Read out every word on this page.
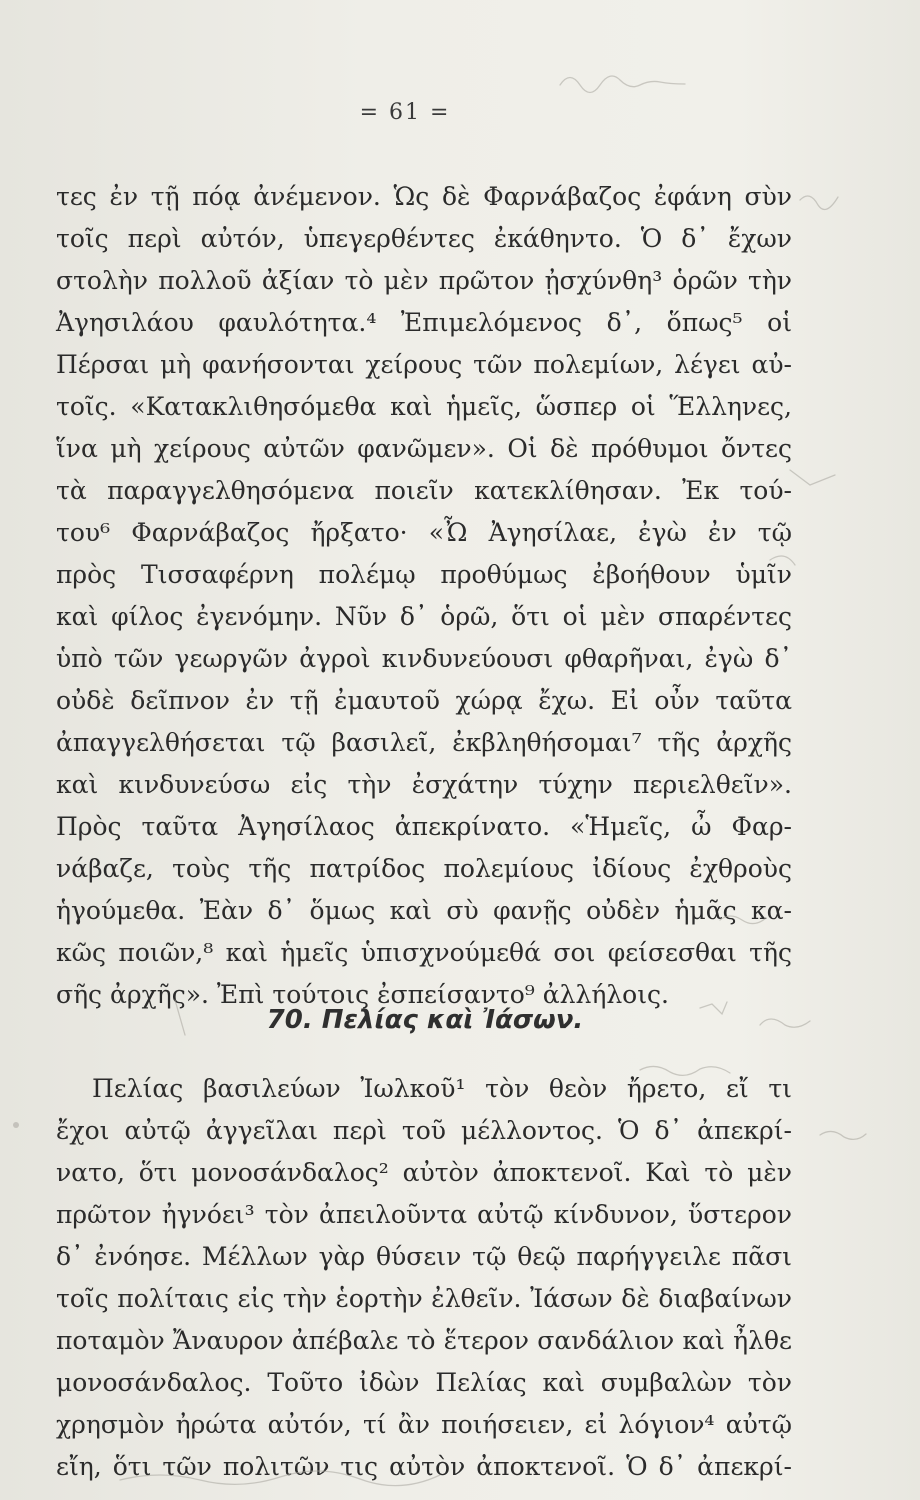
= 61 =
τες ἐν τῇ πόᾳ ἀνέμενον. Ὡς δὲ Φαρνάβαζος ἐφάνη σὺν
τοῖς περὶ αὐτόν, ὑπεγερθέντες ἐκάθηντο. Ὁ δ᾽ ἔχων
στολὴν πολλοῦ ἀξίαν τὸ μὲν πρῶτον ᾐσχύνθη³ ὁρῶν τὴν
Ἀγησιλάου φαυλότητα.⁴ Ἐπιμελόμενος δ᾽, ὅπως⁵ οἱ
Πέρσαι μὴ φανήσονται χείρους τῶν πολεμίων, λέγει αὐ-
τοῖς. «Κατακλιθησόμεθα καὶ ἡμεῖς, ὥσπερ οἱ Ἕλληνες,
ἵνα μὴ χείρους αὐτῶν φανῶμεν». Οἱ δὲ πρόθυμοι ὄντες
τὰ παραγγελθησόμενα ποιεῖν κατεκλίθησαν. Ἐκ τού-
του⁶ Φαρνάβαζος ἤρξατο· «Ὦ Ἀγησίλαε, ἐγὼ ἐν τῷ
πρὸς Τισσαφέρνη πολέμῳ προθύμως ἐβοήθουν ὑμῖν
καὶ φίλος ἐγενόμην. Νῦν δ᾽ ὁρῶ, ὅτι οἱ μὲν σπαρέντες
ὑπὸ τῶν γεωργῶν ἀγροὶ κινδυνεύουσι φθαρῆναι, ἐγὼ δ᾽
οὐδὲ δεῖπνον ἐν τῇ ἐμαυτοῦ χώρᾳ ἔχω. Εἰ οὖν ταῦτα
ἀπαγγελθήσεται τῷ βασιλεῖ, ἐκβληθήσομαι⁷ τῆς ἀρχῆς
καὶ κινδυνεύσω εἰς τὴν ἐσχάτην τύχην περιελθεῖν».
Πρὸς ταῦτα Ἀγησίλαος ἀπεκρίνατο. «Ἡμεῖς, ὦ Φαρ-
νάβαζε, τοὺς τῆς πατρίδος πολεμίους ἰδίους ἐχθροὺς
ἡγούμεθα. Ἐὰν δ᾽ ὅμως καὶ σὺ φανῇς οὐδὲν ἡμᾶς κα-
κῶς ποιῶν,⁸ καὶ ἡμεῖς ὑπισχνούμεθά σοι φείσεσθαι τῆς
σῆς ἀρχῆς». Ἐπὶ τούτοις ἐσπείσαντο⁹ ἀλλήλοις.
70. Πελίας καὶ Ἰάσων.
Πελίας βασιλεύων Ἰωλκοῦ¹ τὸν θεὸν ἤρετο, εἴ τι
ἔχοι αὐτῷ ἀγγεῖλαι περὶ τοῦ μέλλοντος. Ὁ δ᾽ ἀπεκρί-
νατο, ὅτι μονοσάνδαλος² αὐτὸν ἀποκτενοῖ. Καὶ τὸ μὲν
πρῶτον ἠγνόει³ τὸν ἀπειλοῦντα αὐτῷ κίνδυνον, ὕστερον
δ᾽ ἐνόησε. Μέλλων γὰρ θύσειν τῷ θεῷ παρήγγειλε πᾶσι
τοῖς πολίταις εἰς τὴν ἑορτὴν ἐλθεῖν. Ἰάσων δὲ διαβαίνων
ποταμὸν Ἄναυρον ἀπέβαλε τὸ ἕτερον σανδάλιον καὶ ἦλθε
μονοσάνδαλος. Τοῦτο ἰδὼν Πελίας καὶ συμβαλὼν τὸν
χρησμὸν ἠρώτα αὐτόν, τί ἂν ποιήσειεν, εἰ λόγιον⁴ αὐτῷ
εἴη, ὅτι τῶν πολιτῶν τις αὐτὸν ἀποκτενοῖ. Ὁ δ᾽ ἀπεκρί-
